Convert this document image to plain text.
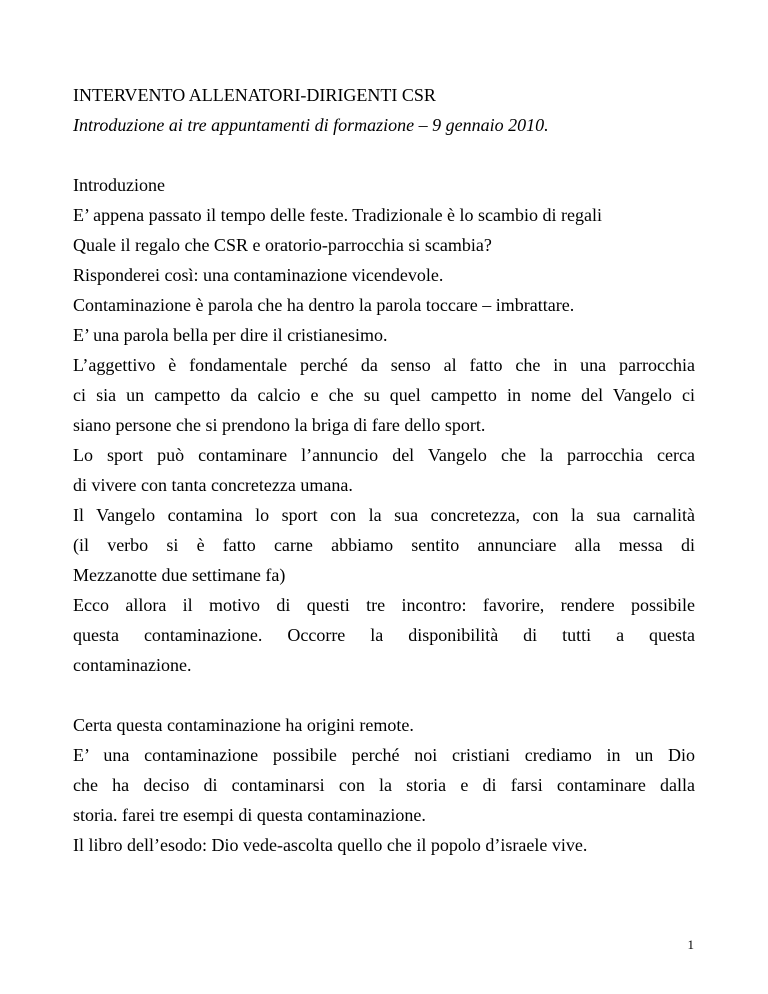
INTERVENTO ALLENATORI-DIRIGENTI CSR
Introduzione ai tre appuntamenti di formazione – 9 gennaio 2010.
Introduzione
E’ appena passato il tempo delle feste. Tradizionale è lo scambio di regali
Quale il regalo che CSR e oratorio-parrocchia si scambia?
Risponderei così: una contaminazione vicendevole.
Contaminazione è parola che ha dentro la parola toccare – imbrattare.
E’ una parola bella per dire il cristianesimo.
L’aggettivo è fondamentale perché da senso al fatto che in una parrocchia
ci sia un campetto da calcio e che su quel campetto in nome del Vangelo ci
siano persone che si prendono la briga di fare dello sport.
Lo sport può contaminare l’annuncio del Vangelo che la parrocchia cerca
di vivere con tanta concretezza umana.
Il Vangelo contamina lo sport con la sua concretezza, con la sua carnalità
(il verbo si è fatto carne abbiamo sentito annunciare alla messa di
Mezzanotte due settimane fa)
Ecco allora il motivo di questi tre incontro: favorire, rendere possibile
questa contaminazione. Occorre la disponibilità di tutti a questa
contaminazione.
Certa questa contaminazione ha origini remote.
E’ una contaminazione possibile perché noi cristiani crediamo in un Dio
che ha deciso di contaminarsi con la storia e di farsi contaminare dalla
storia. farei tre esempi di questa contaminazione.
Il libro dell’esodo: Dio vede-ascolta quello che il popolo d’israele vive.
1
